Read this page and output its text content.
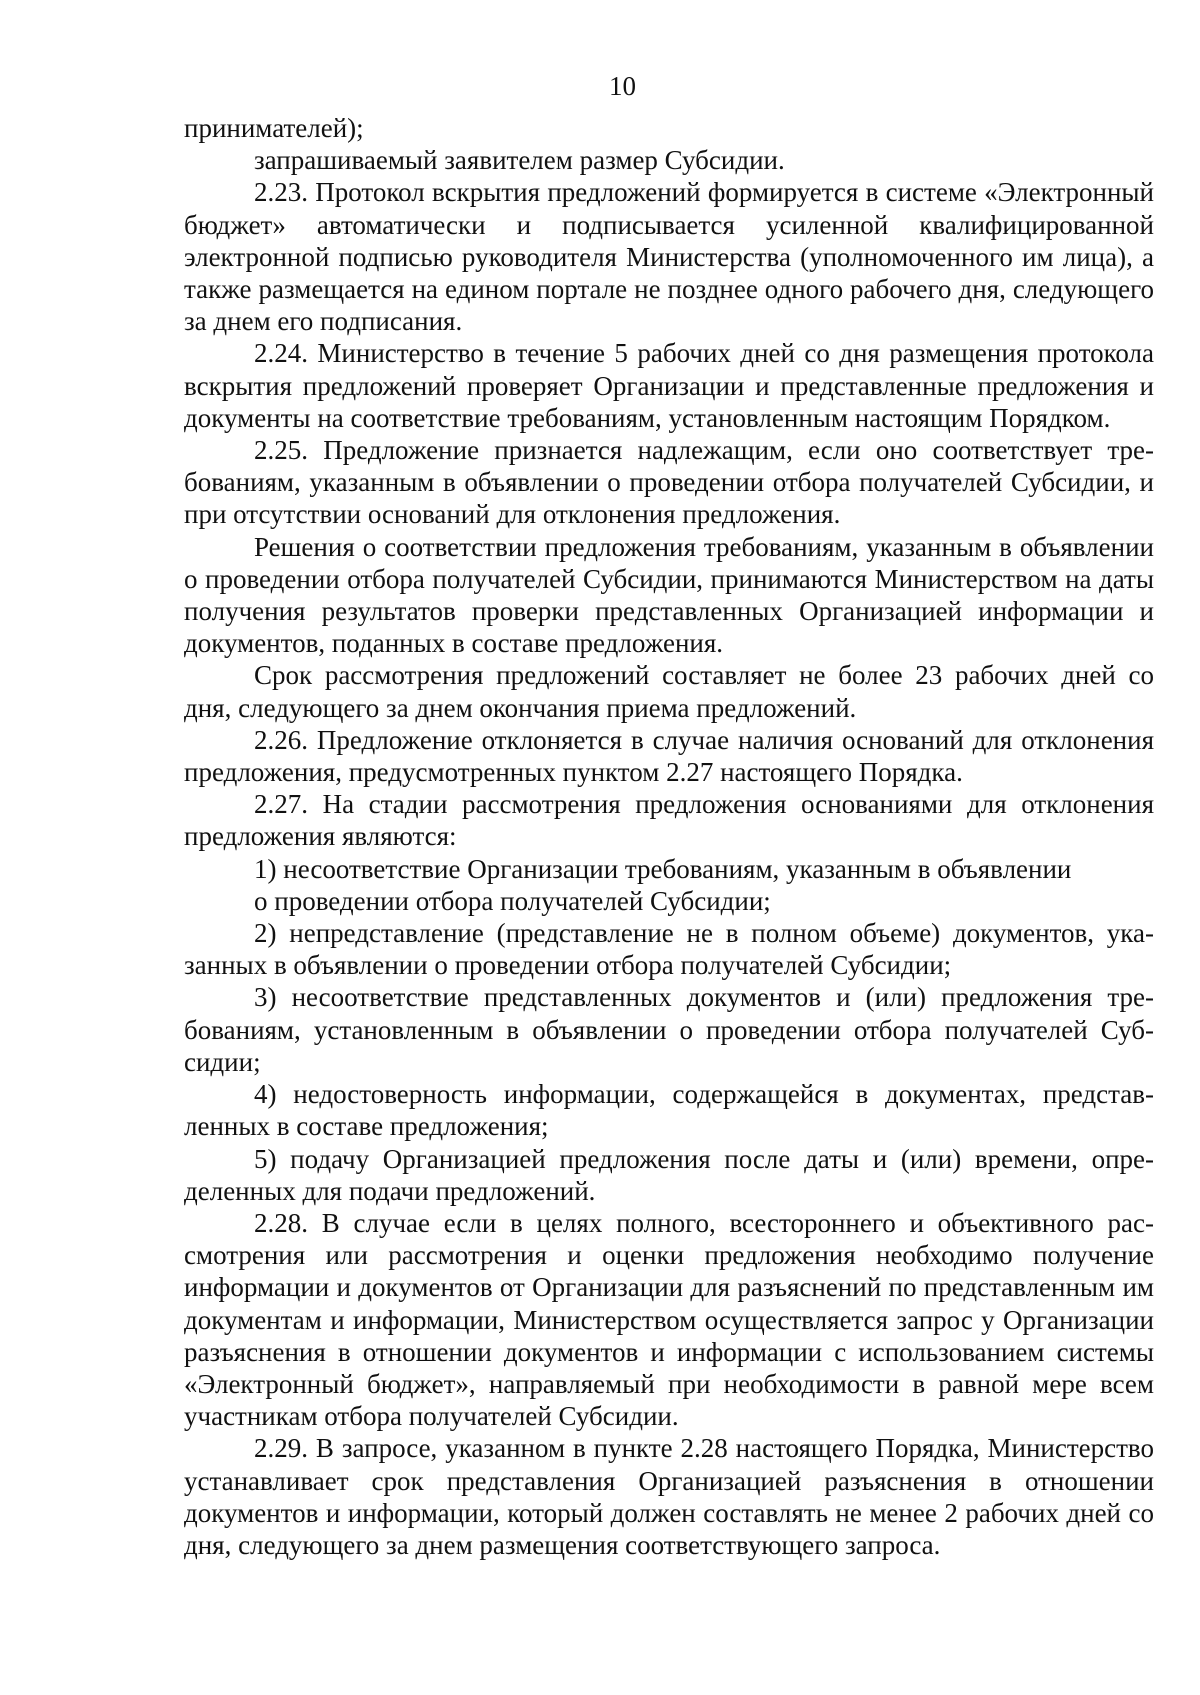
10

принимателей);

запрашиваемый заявителем размер Субсидии.

2.23. Протокол вскрытия предложений формируется в системе «Электронный бюджет» автоматически и подписывается усиленной квалифицированной электронной подписью руководителя Министерства (уполномоченного им лица), а также размещается на едином портале не позднее одного рабочего дня, следующего за днем его подписания.

2.24. Министерство в течение 5 рабочих дней со дня размещения протокола вскрытия предложений проверяет Организации и представленные предложения и документы на соответствие требованиям, установленным настоящим Порядком.

2.25. Предложение признается надлежащим, если оно соответствует требованиям, указанным в объявлении о проведении отбора получателей Субсидии, и при отсутствии оснований для отклонения предложения.

Решения о соответствии предложения требованиям, указанным в объявлении о проведении отбора получателей Субсидии, принимаются Министерством на даты получения результатов проверки представленных Организацией информации и документов, поданных в составе предложения.

Срок рассмотрения предложений составляет не более 23 рабочих дней со дня, следующего за днем окончания приема предложений.

2.26. Предложение отклоняется в случае наличия оснований для отклонения предложения, предусмотренных пунктом 2.27 настоящего Порядка.

2.27. На стадии рассмотрения предложения основаниями для отклонения предложения являются:

1) несоответствие Организации требованиям, указанным в объявлении

о проведении отбора получателей Субсидии;

2) непредставление (представление не в полном объеме) документов, указанных в объявлении о проведении отбора получателей Субсидии;

3) несоответствие представленных документов и (или) предложения требованиям, установленным в объявлении о проведении отбора получателей Субсидии;

4) недостоверность информации, содержащейся в документах, представленных в составе предложения;

5) подачу Организацией предложения после даты и (или) времени, определенных для подачи предложений.

2.28. В случае если в целях полного, всестороннего и объективного рассмотрения или рассмотрения и оценки предложения необходимо получение информации и документов от Организации для разъяснений по представленным им документам и информации, Министерством осуществляется запрос у Организации разъяснения в отношении документов и информации с использованием системы «Электронный бюджет», направляемый при необходимости в равной мере всем участникам отбора получателей Субсидии.

2.29. В запросе, указанном в пункте 2.28 настоящего Порядка, Министерство устанавливает срок представления Организацией разъяснения в отношении документов и информации, который должен составлять не менее 2 рабочих дней со дня, следующего за днем размещения соответствующего запроса.
